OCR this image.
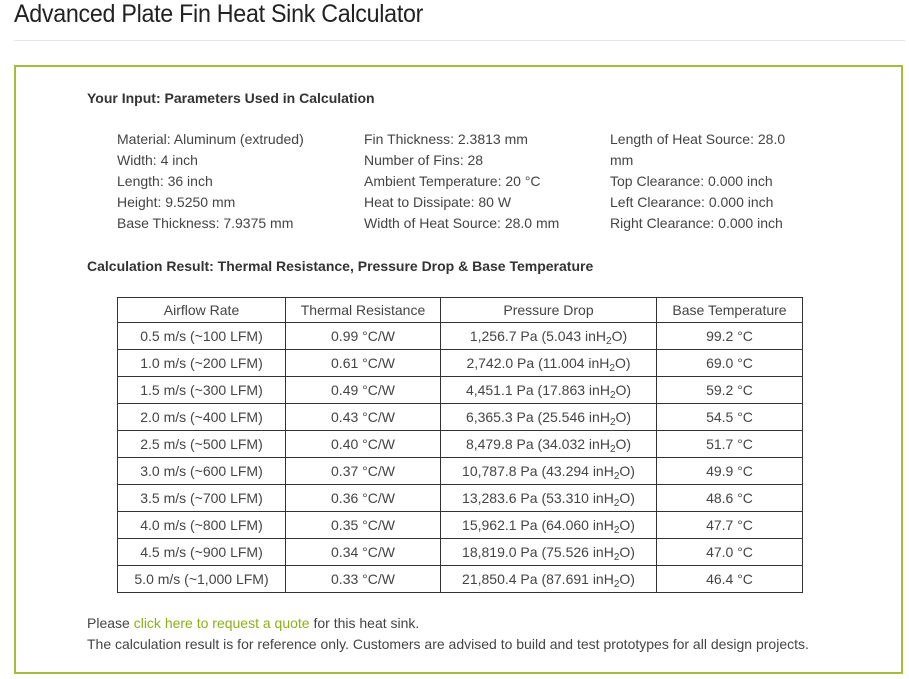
Advanced Plate Fin Heat Sink Calculator
Your Input: Parameters Used in Calculation
Material: Aluminum (extruded)
Width: 4 inch
Length: 36 inch
Height: 9.5250 mm
Base Thickness: 7.9375 mm
Fin Thickness: 2.3813 mm
Number of Fins: 28
Ambient Temperature: 20 °C
Heat to Dissipate: 80 W
Width of Heat Source: 28.0 mm
Length of Heat Source: 28.0 mm
Top Clearance: 0.000 inch
Left Clearance: 0.000 inch
Right Clearance: 0.000 inch
Calculation Result: Thermal Resistance, Pressure Drop & Base Temperature
Airflow Rate	Thermal Resistance	Pressure Drop	Base Temperature
0.5 m/s (~100 LFM)	0.99 °C/W	1,256.7 Pa (5.043 inH$_2$O)	99.2 °C
1.0 m/s (~200 LFM)	0.61 °C/W	2,742.0 Pa (11.004 inH$_2$O)	69.0 °C
1.5 m/s (~300 LFM)	0.49 °C/W	4,451.1 Pa (17.863 inH$_2$O)	59.2 °C
2.0 m/s (~400 LFM)	0.43 °C/W	6,365.3 Pa (25.546 inH$_2$O)	54.5 °C
2.5 m/s (~500 LFM)	0.40 °C/W	8,479.8 Pa (34.032 inH$_2$O)	51.7 °C
3.0 m/s (~600 LFM)	0.37 °C/W	10,787.8 Pa (43.294 inH$_2$O)	49.9 °C
3.5 m/s (~700 LFM)	0.36 °C/W	13,283.6 Pa (53.310 inH$_2$O)	48.6 °C
4.0 m/s (~800 LFM)	0.35 °C/W	15,962.1 Pa (64.060 inH$_2$O)	47.7 °C
4.5 m/s (~900 LFM)	0.34 °C/W	18,819.0 Pa (75.526 inH$_2$O)	47.0 °C
5.0 m/s (~1,000 LFM)	0.33 °C/W	21,850.4 Pa (87.691 inH$_2$O)	46.4 °C
Please click here to request a quote for this heat sink.
The calculation result is for reference only. Customers are advised to build and test prototypes for all design projects.
